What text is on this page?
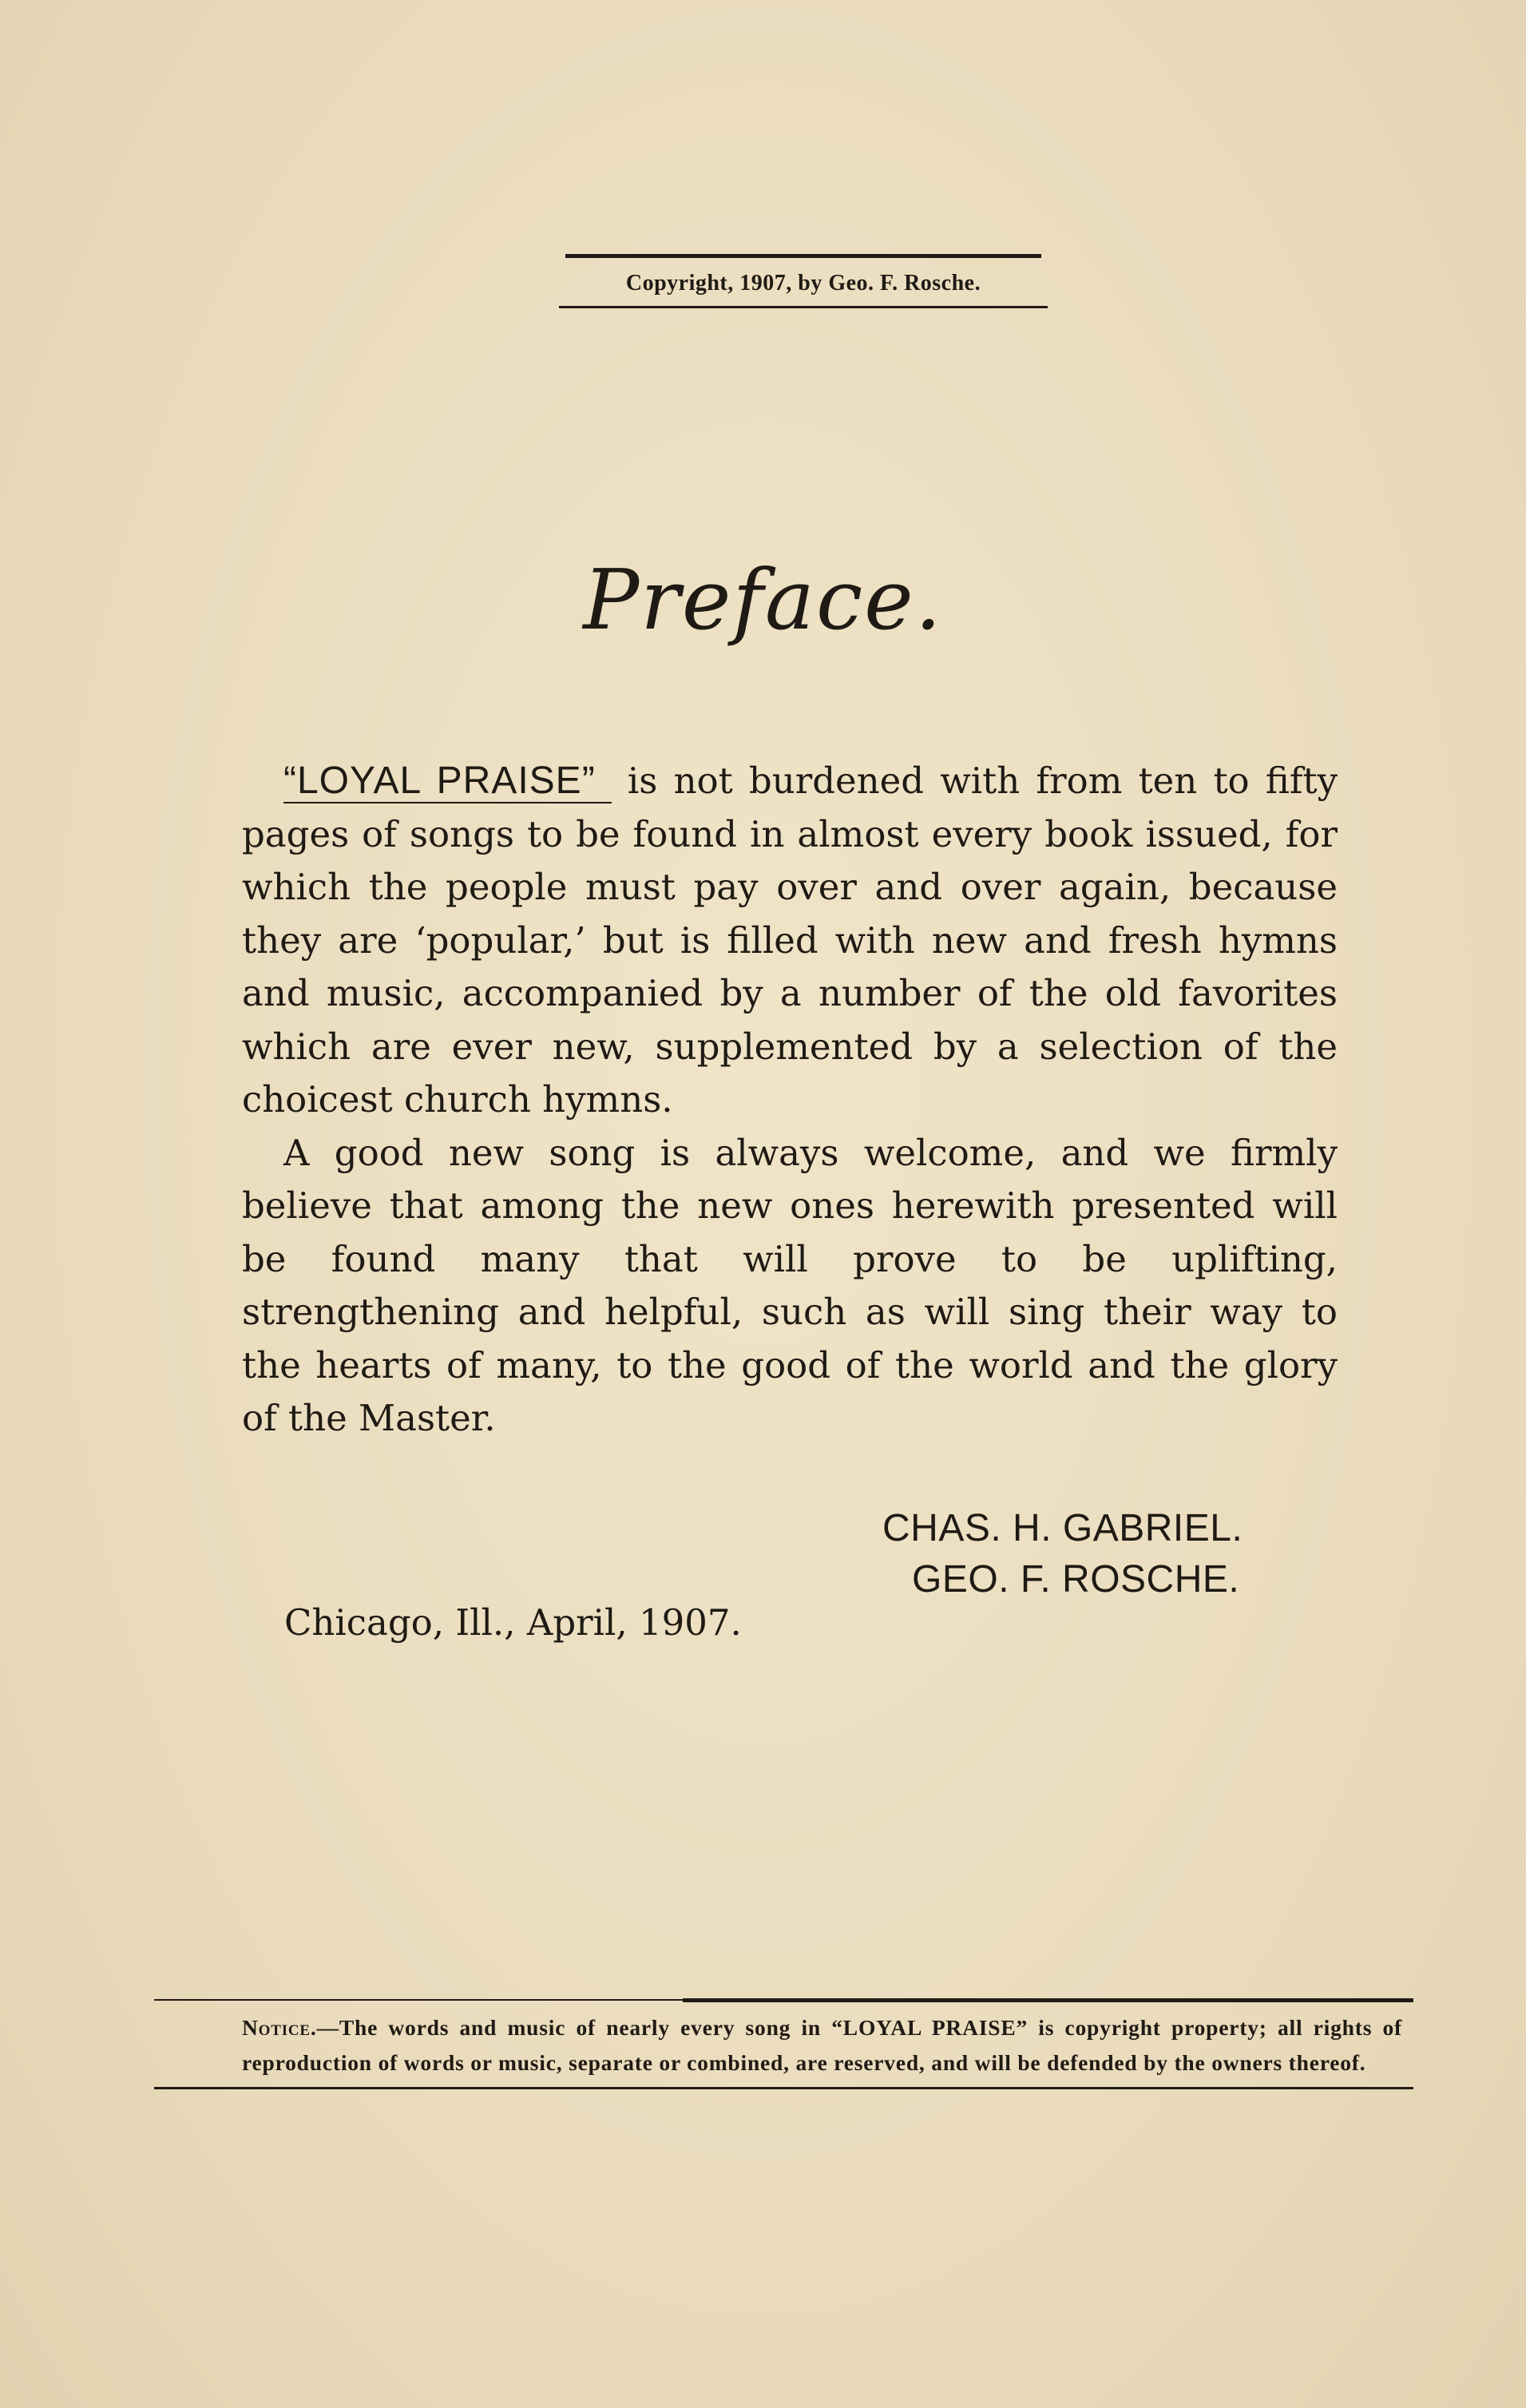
Copyright, 1907, by Geo. F. Rosche.
Preface.

“LOYAL PRAISE” is not burdened with from ten to fifty pages of songs to be found in almost every book issued, for which the people must pay over and over again, because they are ‘popular,’ but is filled with new and fresh hymns and music, accompanied by a number of the old favorites which are ever new, supplemented by a selection of the choicest church hymns.

A good new song is always welcome, and we firmly believe that among the new ones herewith presented will be found many that will prove to be uplifting, strengthening and helpful, such as will sing their way to the hearts of many, to the good of the world and the glory of the Master.

CHAS. H. GABRIEL.
GEO. F. ROSCHE.
Chicago, Ill., April, 1907.
Notice.—The words and music of nearly every song in “LOYAL PRAISE” is copyright property; all rights of reproduction of words or music, separate or combined, are reserved, and will be defended by the owners thereof.
